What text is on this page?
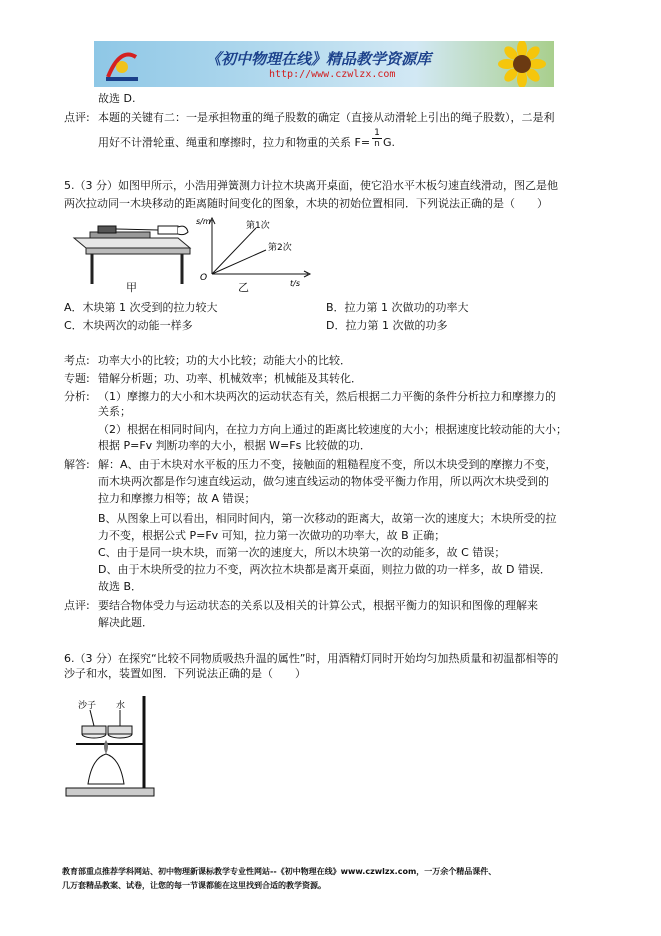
《初中物理在线》精品教学资源库
http://www.czwlzx.com
故选 D.
点评: 本题的关键有二：一是承担物重的绳子股数的确定（直接从动滑轮上引出的绳子股数），二是利
用好不计滑轮重、绳重和摩擦时，拉力和物重的关系 $F= \frac{1}{n} G$.
5.（3 分）如图甲所示，小浩用弹簧测力计拉木块离开桌面，使它沿水平木板匀速直线滑动，图乙是他
两次拉动同一木块移动的距离随时间变化的图象，木块的初始位置相同．下列说法正确的是（　　）
甲
O
s/m
t/s
第1次
第2次
乙
A．木块第 1 次受到的拉力较大	B．拉力第 1 次做功的功率大
C．木块两次的动能一样多	D．拉力第 1 次做的功多
考点: 功率大小的比较；功的大小比较；动能大小的比较．
专题: 错解分析题；功、功率、机械效率；机械能及其转化．
分析: （1）摩擦力的大小和木块两次的运动状态有关，然后根据二力平衡的条件分析拉力和摩擦力的
关系；
（2）根据在相同时间内，在拉力方向上通过的距离比较速度的大小；根据速度比较动能的大小；
根据 P=Fv 判断功率的大小，根据 W=Fs 比较做的功．
解答: 解：A、由于木块对水平板的压力不变，接触面的粗糙程度不变，所以木块受到的摩擦力不变，
而木块两次都是作匀速直线运动，做匀速直线运动的物体受平衡力作用，所以两次木块受到的
拉力和摩擦力相等；故 A 错误；
B、从图象上可以看出，相同时间内，第一次移动的距离大，故第一次的速度大；木块所受的拉
力不变，根据公式 P=Fv 可知，拉力第一次做功的功率大，故 B 正确；
C、由于是同一块木块，而第一次的速度大，所以木块第一次的动能多，故 C 错误；
D、由于木块所受的拉力不变，两次拉木块都是离开桌面，则拉力做的功一样多，故 D 错误．
故选 B．
点评: 要结合物体受力与运动状态的关系以及相关的计算公式，根据平衡力的知识和图像的理解来
解决此题．
6.（3 分）在探究“比较不同物质吸热升温的属性”时，用酒精灯同时开始均匀加热质量和初温都相等的
沙子和水，装置如图．下列说法正确的是（　　）
沙子 水
教育部重点推荐学科网站、初中物理新课标教学专业性网站--《初中物理在线》www.czwlzx.com，一万余个精品课件、
几万套精品教案、试卷，让您的每一节课都能在这里找到合适的教学资源。
